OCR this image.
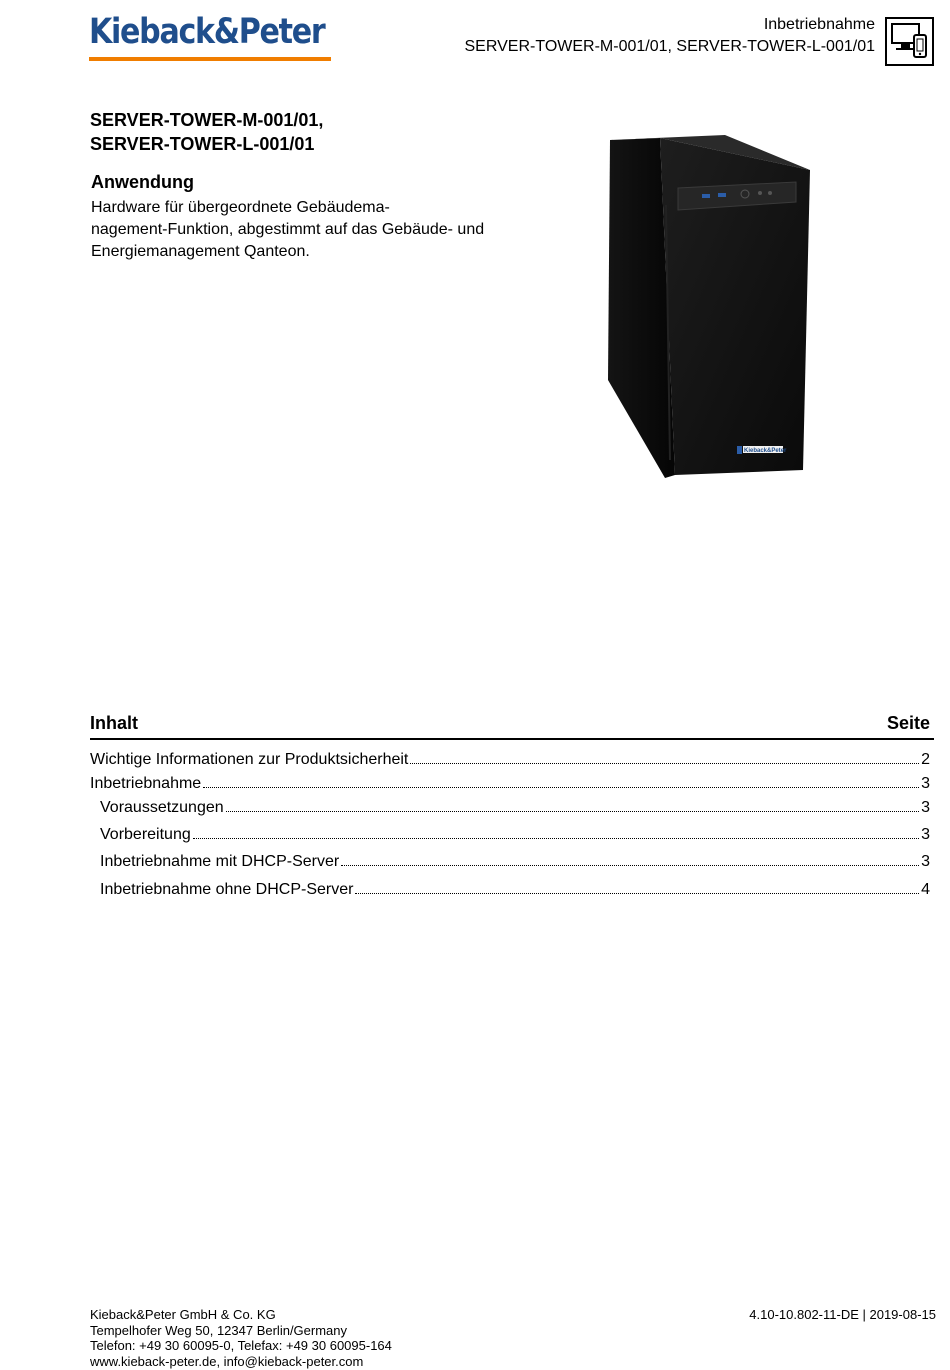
Kieback&Peter	Inbetriebnahme
SERVER-TOWER-M-001/01, SERVER-TOWER-L-001/01
SERVER-TOWER-M-001/01,
SERVER-TOWER-L-001/01
Anwendung
Hardware für übergeordnete Gebäudema-
nagement-Funktion, abgestimmt auf das Gebäude- und
Energiemanagement Qanteon.
Kieback&Peter
Inhalt	Seite
Wichtige Informationen zur Produktsicherheit	2
Inbetriebnahme	3
Voraussetzungen	3
Vorbereitung	3
Inbetriebnahme mit DHCP-Server	3
Inbetriebnahme ohne DHCP-Server	4
Kieback&Peter GmbH & Co. KG
Tempelhofer Weg 50, 12347 Berlin/Germany
Telefon: +49 30 60095-0, Telefax: +49 30 60095-164
www.kieback-peter.de, info@kieback-peter.com
4.10-10.802-11-DE | 2019-08-15
